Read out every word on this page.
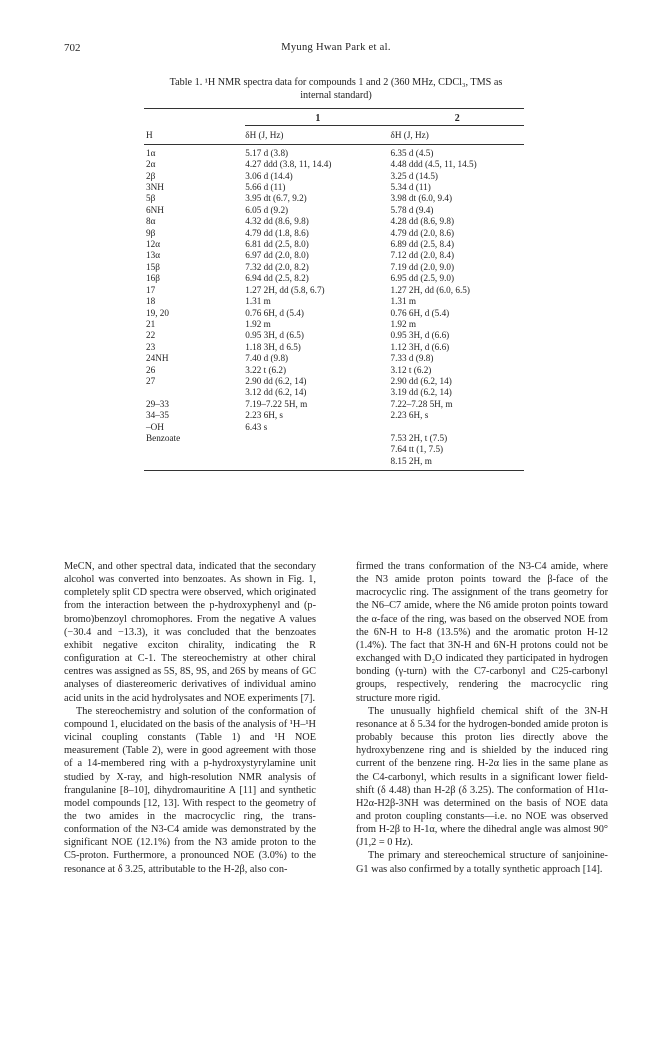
702	Myung Hwan Park et al.
Table 1. ¹H NMR spectra data for compounds 1 and 2 (360 MHz, CDCl₃, TMS as
internal standard)

	1	2
H	δH (J, Hz)	δH (J, Hz)
1α	5.17 d (3.8)	6.35 d (4.5)
2α	4.27 ddd (3.8, 11, 14.4)	4.48 ddd (4.5, 11, 14.5)
2β	3.06 d (14.4)	3.25 d (14.5)
3NH	5.66 d (11)	5.34 d (11)
5β	3.95 dt (6.7, 9.2)	3.98 dt (6.0, 9.4)
6NH	6.05 d (9.2)	5.78 d (9.4)
8α	4.32 dd (8.6, 9.8)	4.28 dd (8.6, 9.8)
9β	4.79 dd (1.8, 8.6)	4.79 dd (2.0, 8.6)
12α	6.81 dd (2.5, 8.0)	6.89 dd (2.5, 8.4)
13α	6.97 dd (2.0, 8.0)	7.12 dd (2.0, 8.4)
15β	7.32 dd (2.0, 8.2)	7.19 dd (2.0, 9.0)
16β	6.94 dd (2.5, 8.2)	6.95 dd (2.5, 9.0)
17	1.27 2H, dd (5.8, 6.7)	1.27 2H, dd (6.0, 6.5)
18	1.31 m	1.31 m
19, 20	0.76 6H, d (5.4)	0.76 6H, d (5.4)
21	1.92 m	1.92 m
22	0.95 3H, d (6.5)	0.95 3H, d (6.6)
23	1.18 3H, d 6.5)	1.12 3H, d (6.6)
24NH	7.40 d (9.8)	7.33 d (9.8)
26	3.22 t (6.2)	3.12 t (6.2)
27	2.90 dd (6.2, 14)	2.90 dd (6.2, 14)
	3.12 dd (6.2, 14)	3.19 dd (6.2, 14)
29–33	7.19–7.22 5H, m	7.22–7.28 5H, m
34–35	2.23 6H, s	2.23 6H, s
–OH	6.43 s	
Benzoate		7.53 2H, t (7.5)
		7.64 tt (1, 7.5)
		8.15 2H, m

MeCN, and other spectral data, indicated that the secondary alcohol was converted into benzoates. As shown in Fig. 1, completely split CD spectra were observed, which originated from the interaction between the p-hydroxyphenyl and (p-bromo)benzoyl chromophores. From the negative A values (−30.4 and −13.3), it was concluded that the benzoates exhibit negative exciton chirality, indicating the R configuration at C-1. The stereochemistry at other chiral centres was assigned as 5S, 8S, 9S, and 26S by means of GC analyses of diastereomeric derivatives of individual amino acid units in the acid hydrolysates and NOE experiments [7].

The stereochemistry and solution of the conformation of compound 1, elucidated on the basis of the analysis of ¹H–¹H vicinal coupling constants (Table 1) and ¹H NOE measurement (Table 2), were in good agreement with those of a 14-membered ring with a p-hydroxystyrylamine unit studied by X-ray, and high-resolution NMR analysis of frangulanine [8–10], dihydromauritine A [11] and synthetic model compounds [12, 13]. With respect to the geometry of the two amides in the macrocyclic ring, the trans-conformation of the N3-C4 amide was demonstrated by the significant NOE (12.1%) from the N3 amide proton to the C5-proton. Furthermore, a pronounced NOE (3.0%) to the resonance at δ 3.25, attributable to the H-2β, also con-

firmed the trans conformation of the N3-C4 amide, where the N3 amide proton points toward the β-face of the macrocyclic ring. The assignment of the trans geometry for the N6–C7 amide, where the N6 amide proton points toward the α-face of the ring, was based on the observed NOE from the 6N-H to H-8 (13.5%) and the aromatic proton H-12 (1.4%). The fact that 3N-H and 6N-H protons could not be exchanged with D₂O indicated they participated in hydrogen bonding (γ-turn) with the C7-carbonyl and C25-carbonyl groups, respectively, rendering the macrocyclic ring structure more rigid.

The unusually highfield chemical shift of the 3N-H resonance at δ 5.34 for the hydrogen-bonded amide proton is probably because this proton lies directly above the hydroxybenzene ring and is shielded by the induced ring current of the benzene ring. H-2α lies in the same plane as the C4-carbonyl, which results in a significant lower field-shift (δ 4.48) than H-2β (δ 3.25). The conformation of H1α-H2α-H2β-3NH was determined on the basis of NOE data and proton coupling constants—i.e. no NOE was observed from H-2β to H-1α, where the dihedral angle was almost 90° (J1,2 = 0 Hz).

The primary and stereochemical structure of sanjoinine-G1 was also confirmed by a totally synthetic approach [14].
